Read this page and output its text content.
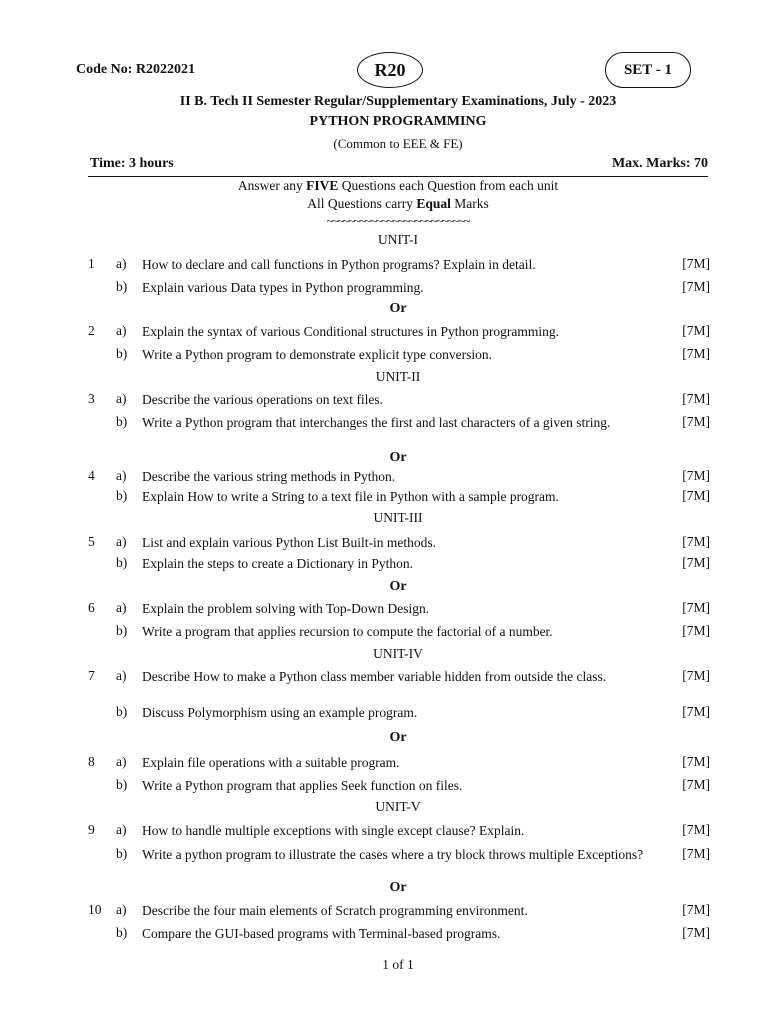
Code No: R2022021	R20	SET - 1
II B. Tech II Semester Regular/Supplementary Examinations, July - 2023
PYTHON PROGRAMMING
(Common to EEE & FE)
Time: 3 hours	Max. Marks: 70
Answer any FIVE Questions each Question from each unit
All Questions carry Equal Marks
~~~~~~~~~~~~~~~~~~~~~~~~~~
UNIT-I
1	a)	How to declare and call functions in Python programs? Explain in detail.	[7M]
b)	Explain various Data types in Python programming.	[7M]
Or
2	a)	Explain the syntax of various Conditional structures in Python programming.	[7M]
b)	Write a Python program to demonstrate explicit type conversion.	[7M]
UNIT-II
3	a)	Describe the various operations on text files.	[7M]
b)	Write a Python program that interchanges the first and last characters of a given string.	[7M]
Or
4	a)	Describe the various string methods in Python.	[7M]
b)	Explain How to write a String to a text file in Python with a sample program.	[7M]
UNIT-III
5	a)	List and explain various Python List Built-in methods.	[7M]
b)	Explain the steps to create a Dictionary in Python.	[7M]
Or
6	a)	Explain the problem solving with Top-Down Design.	[7M]
b)	Write a program that applies recursion to compute the factorial of a number.	[7M]
UNIT-IV
7	a)	Describe How to make a Python class member variable hidden from outside the class.	[7M]
b)	Discuss Polymorphism using an example program.	[7M]
Or
8	a)	Explain file operations with a suitable program.	[7M]
b)	Write a Python program that applies Seek function on files.	[7M]
UNIT-V
9	a)	How to handle multiple exceptions with single except clause? Explain.	[7M]
b)	Write a python program to illustrate the cases where a try block throws multiple Exceptions?	[7M]
Or
10	a)	Describe the four main elements of Scratch programming environment.	[7M]
b)	Compare the GUI-based programs with Terminal-based programs.	[7M]
1 of 1
